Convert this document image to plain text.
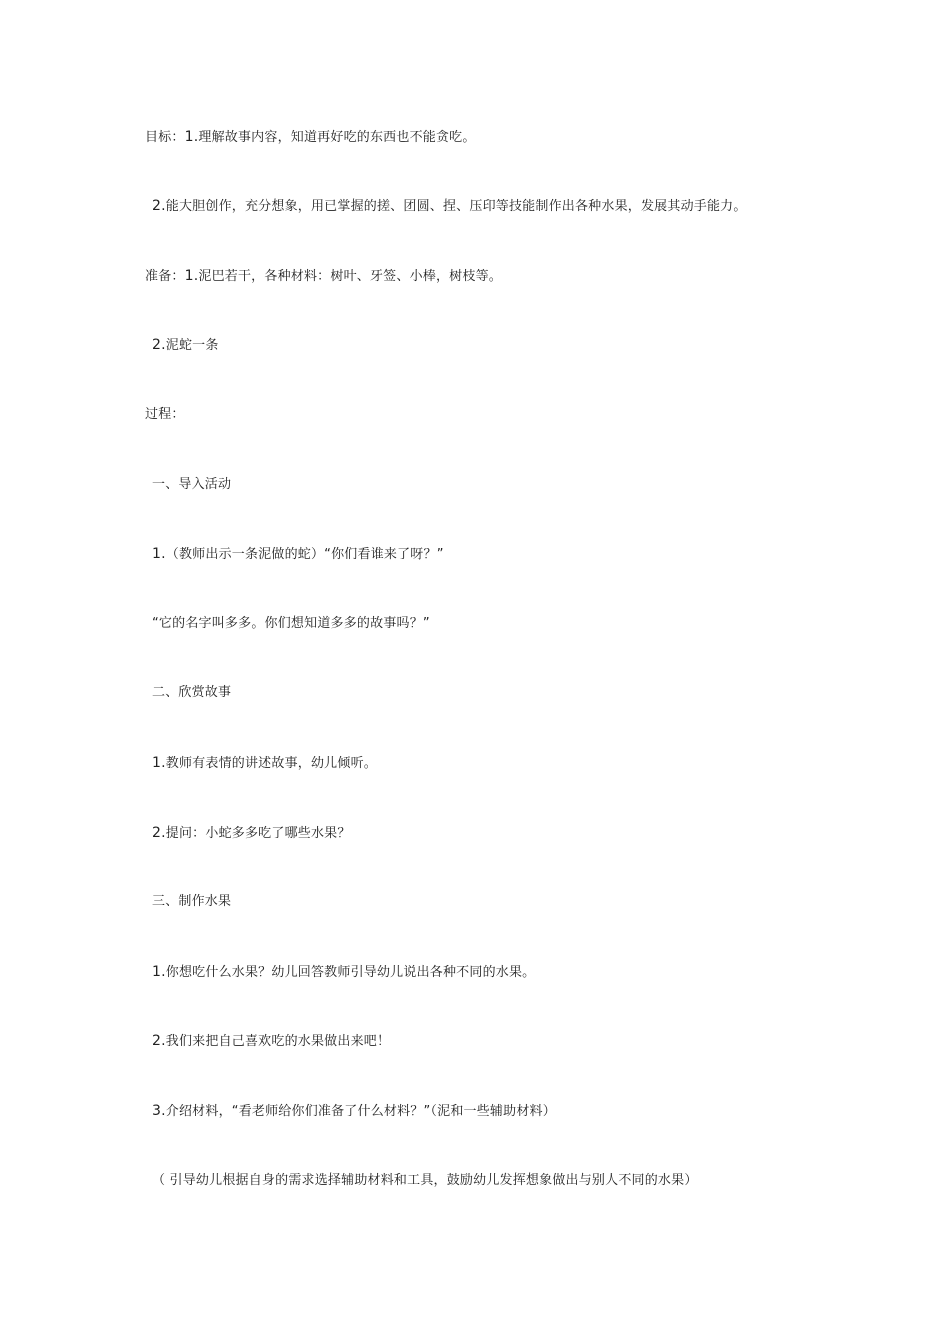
目标：1.理解故事内容，知道再好吃的东西也不能贪吃。
2.能大胆创作，充分想象，用已掌握的搓、团圆、捏、压印等技能制作出各种水果，发展其动手能力。
准备：1.泥巴若干，各种材料：树叶、牙签、小棒，树枝等。
2.泥蛇一条
过程：
一、导入活动
1.（教师出示一条泥做的蛇）“你们看谁来了呀？”
“它的名字叫多多。你们想知道多多的故事吗？”
二、欣赏故事
1.教师有表情的讲述故事，幼儿倾听。
2.提问：小蛇多多吃了哪些水果？
三、制作水果
1.你想吃什么水果？幼儿回答教师引导幼儿说出各种不同的水果。
2.我们来把自己喜欢吃的水果做出来吧！
3.介绍材料，“看老师给你们准备了什么材料？”（泥和一些辅助材料）
（ 引导幼儿根据自身的需求选择辅助材料和工具，鼓励幼儿发挥想象做出与别人不同的水果）
